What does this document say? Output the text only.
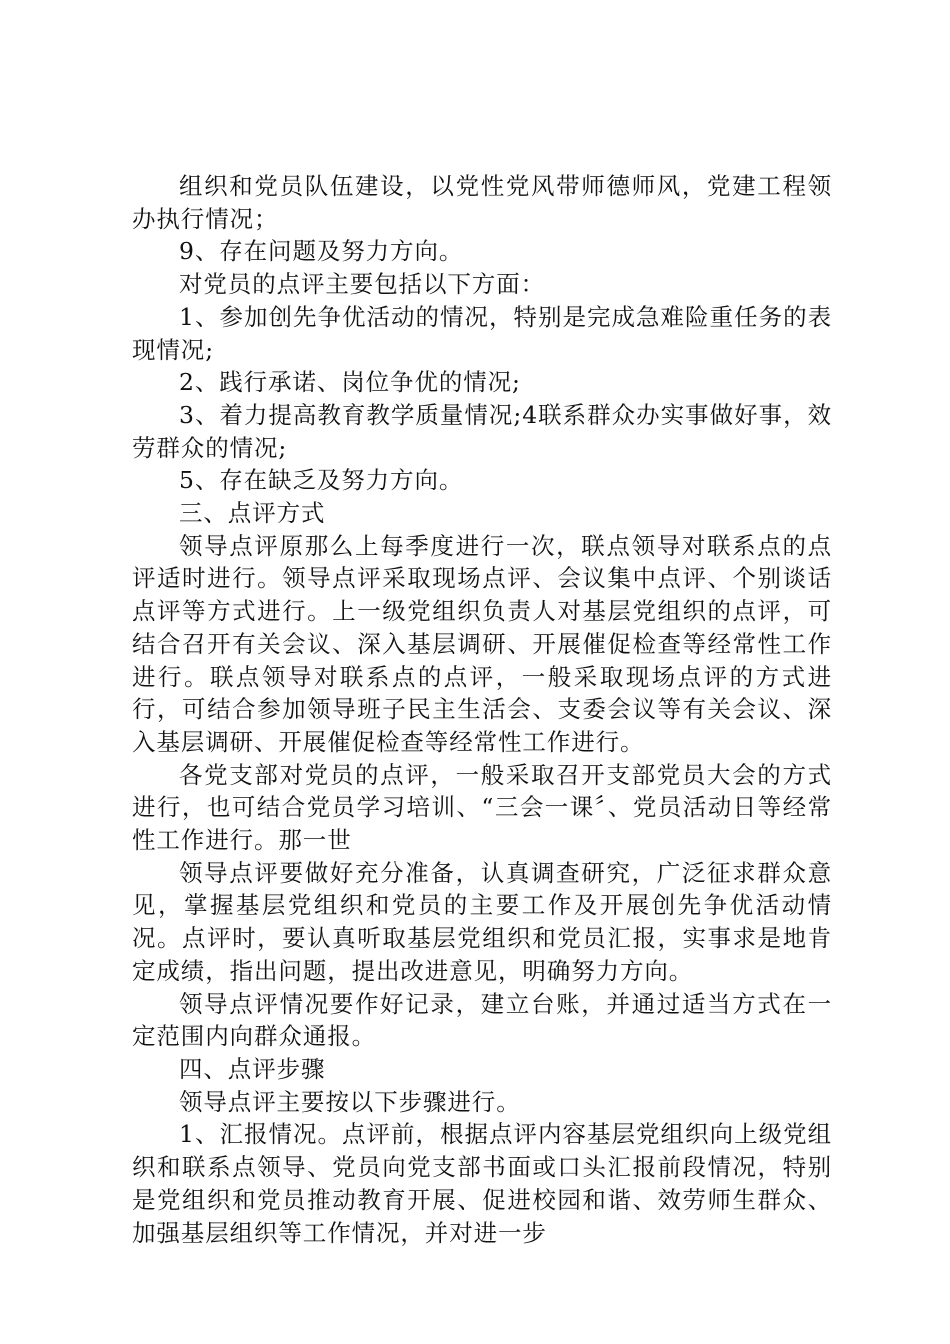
组织和党员队伍建设，以党性党风带师德师风，党建工程领办执行情况；

9、存在问题及努力方向。

对党员的点评主要包括以下方面：

1、参加创先争优活动的情况，特别是完成急难险重任务的表现情况;

2、践行承诺、岗位争优的情况;

3、着力提高教育教学质量情况;4联系群众办实事做好事，效劳群众的情况;

5、存在缺乏及努力方向。

三、点评方式

领导点评原那么上每季度进行一次，联点领导对联系点的点评适时进行。领导点评采取现场点评、会议集中点评、个别谈话点评等方式进行。上一级党组织负责人对基层党组织的点评，可结合召开有关会议、深入基层调研、开展催促检查等经常性工作进行。联点领导对联系点的点评，一般采取现场点评的方式进行，可结合参加领导班子民主生活会、支委会议等有关会议、深入基层调研、开展催促检查等经常性工作进行。

各党支部对党员的点评，一般采取召开支部党员大会的方式进行，也可结合党员学习培训、“三会一课〞、党员活动日等经常性工作进行。那一世

领导点评要做好充分准备，认真调查研究，广泛征求群众意见，掌握基层党组织和党员的主要工作及开展创先争优活动情况。点评时，要认真听取基层党组织和党员汇报，实事求是地肯定成绩，指出问题，提出改进意见，明确努力方向。

领导点评情况要作好记录，建立台账，并通过适当方式在一定范围内向群众通报。

四、点评步骤

领导点评主要按以下步骤进行。

1、汇报情况。点评前，根据点评内容基层党组织向上级党组织和联系点领导、党员向党支部书面或口头汇报前段情况，特别是党组织和党员推动教育开展、促进校园和谐、效劳师生群众、加强基层组织等工作情况，并对进一步
